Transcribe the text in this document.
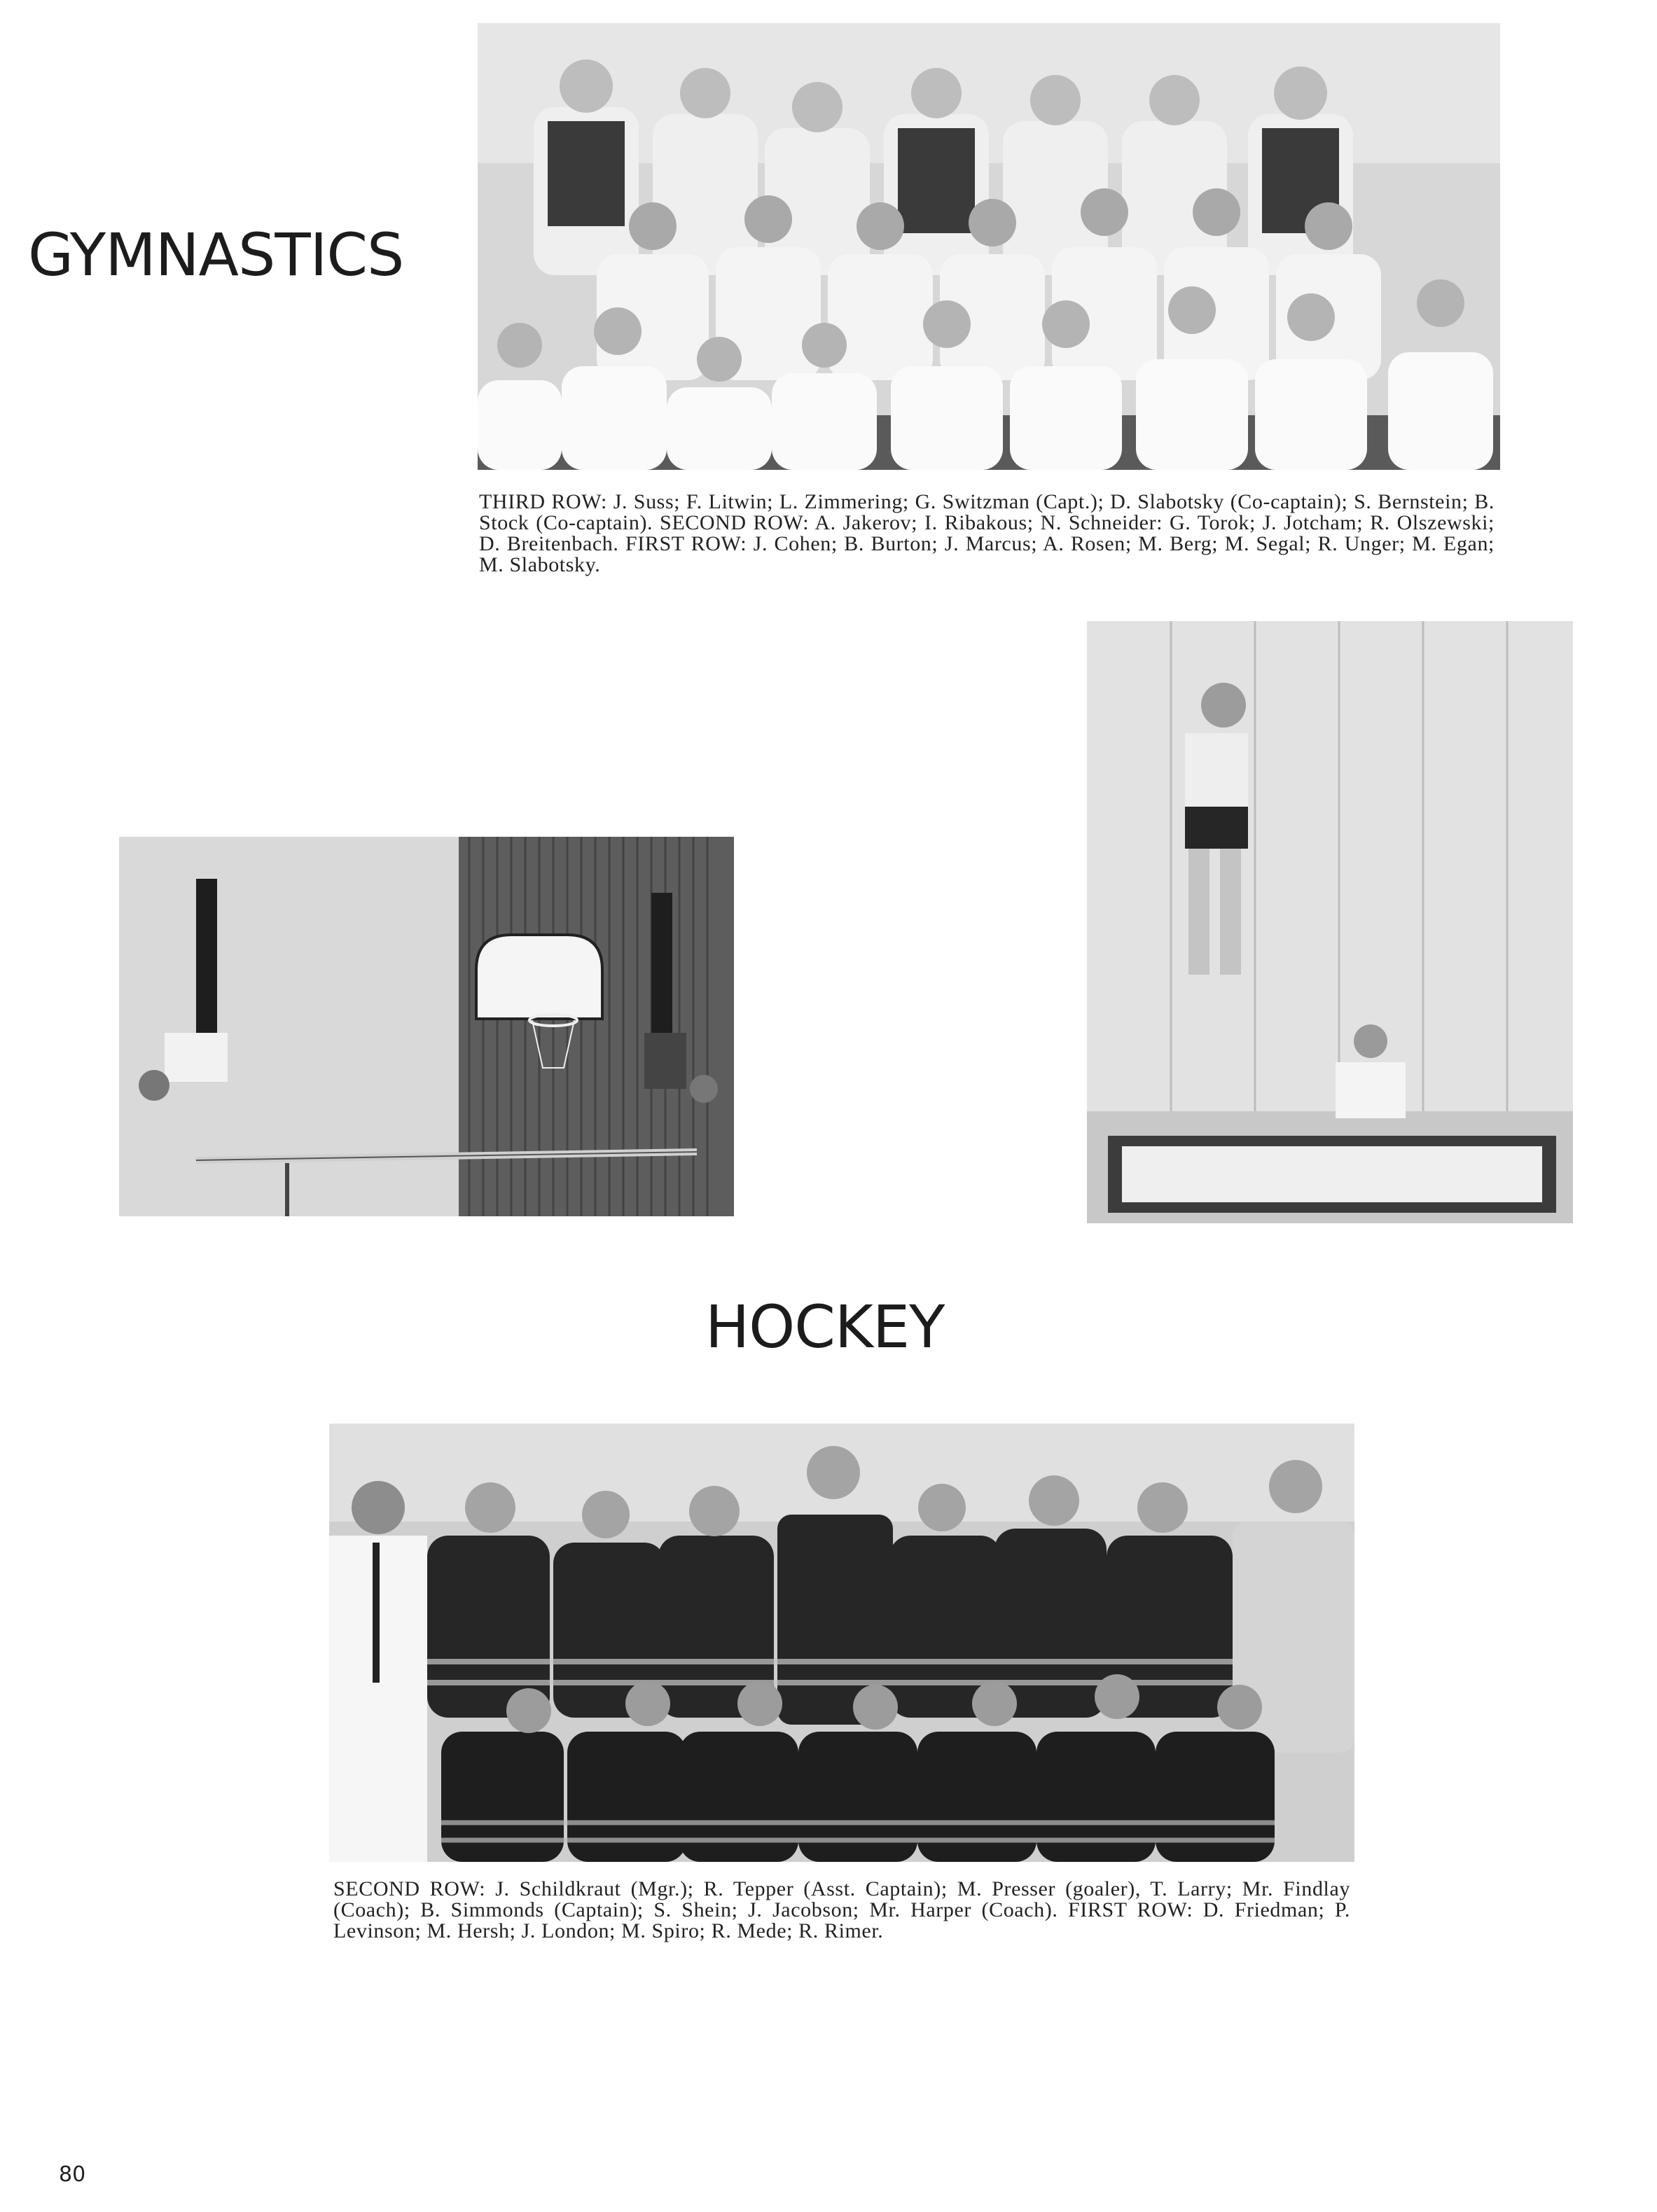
GYMNASTICS

THIRD ROW: J. Suss; F. Litwin; L. Zimmering; G. Switzman (Capt.); D. Slabotsky (Co-captain); S. Bernstein; B. Stock (Co-captain). SECOND ROW: A. Jakerov; I. Ribakous; N. Schneider: G. Torok; J. Jotcham; R. Olszewski; D. Breitenbach. FIRST ROW: J. Cohen; B. Burton; J. Marcus; A. Rosen; M. Berg; M. Segal; R. Unger; M. Egan; M. Slabotsky.

HOCKEY

SECOND ROW: J. Schildkraut (Mgr.); R. Tepper (Asst. Captain); M. Presser (goaler), T. Larry; Mr. Findlay (Coach); B. Simmonds (Captain); S. Shein; J. Jacobson; Mr. Harper (Coach). FIRST ROW: D. Friedman; P. Levinson; M. Hersh; J. London; M. Spiro; R. Mede; R. Rimer.

80
